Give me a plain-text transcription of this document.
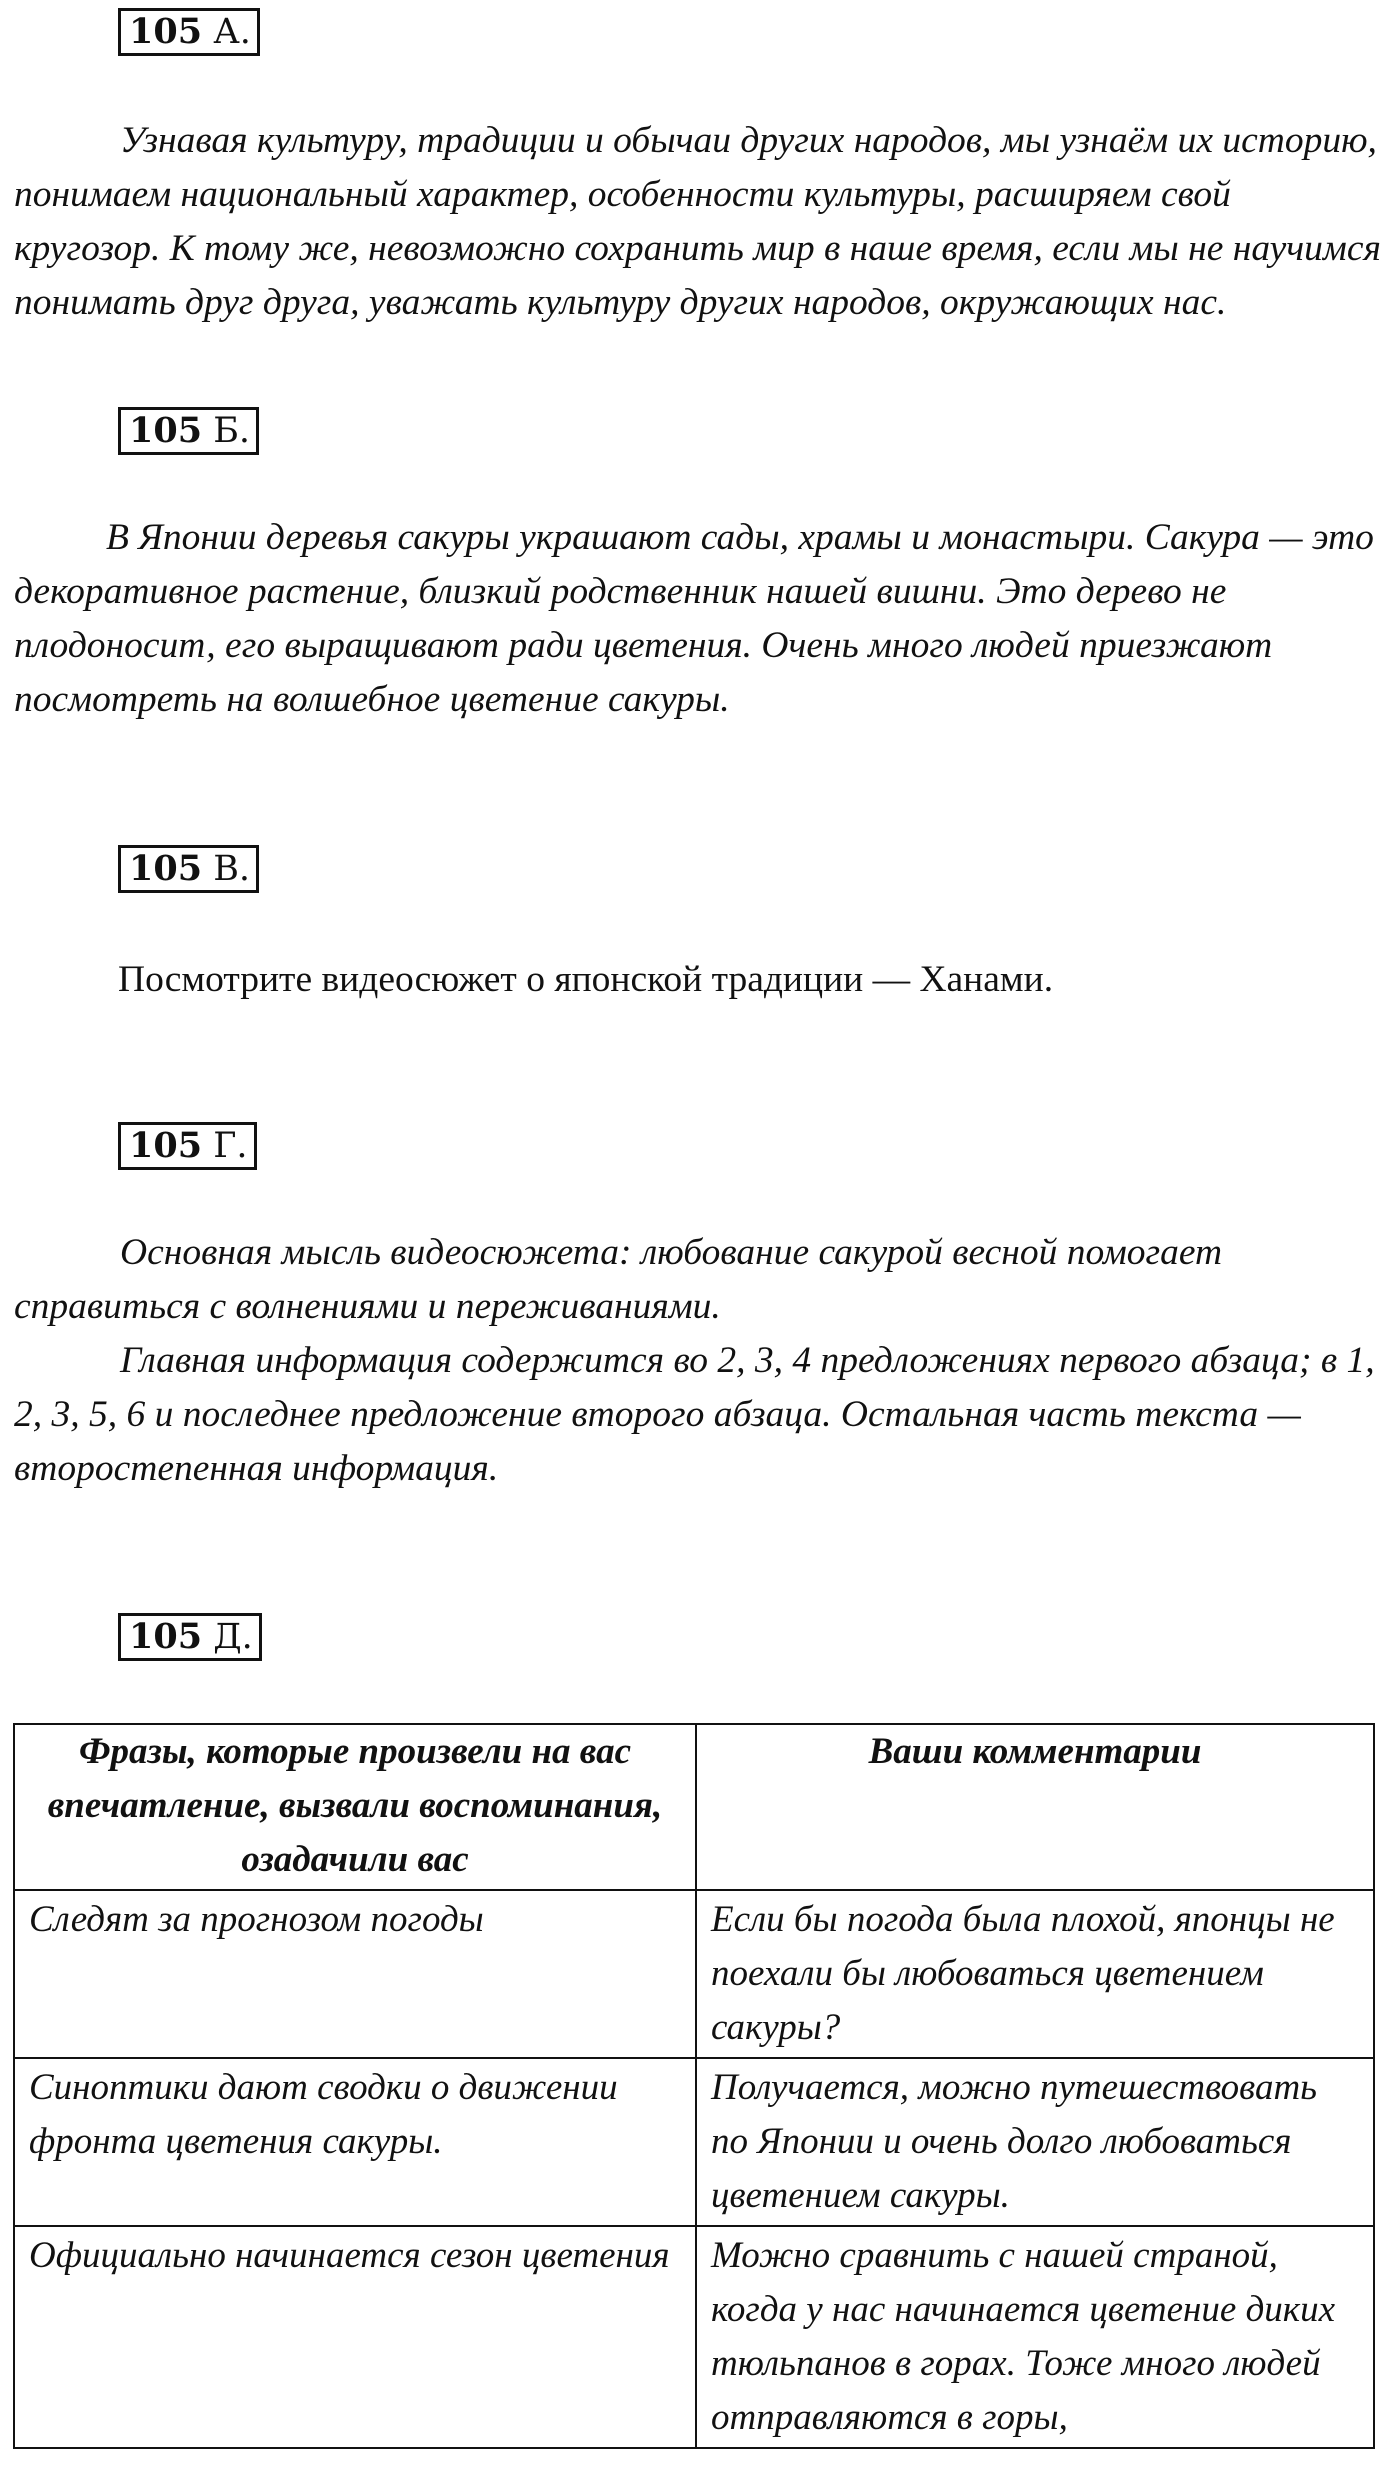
105 А.

Узнавая культуру, традиции и обычаи других народов, мы узнаём их историю, понимаем национальный характер, особенности культуры, расширяем свой кругозор. К тому же, невозможно сохранить мир в наше время, если мы не научимся понимать друг друга, уважать культуру других народов, окружающих нас.

105 Б.

В Японии деревья сакуры украшают сады, храмы и монастыри. Сакура — это декоративное растение, близкий родственник нашей вишни. Это дерево не плодоносит, его выращивают ради цветения. Очень много людей приезжают посмотреть на волшебное цветение сакуры.

105 В.
Посмотрите видеосюжет о японской традиции — Ханами.
105 Г.

Основная мысль видеосюжета: любование сакурой весной помогает справиться с волнениями и переживаниями.

Главная информация содержится во 2, 3, 4 предложениях первого абзаца; в 1, 2, 3, 5, 6 и последнее предложение второго абзаца. Остальная часть текста — второстепенная информация.

105 Д.
Фразы, которые произвели на вас впечатление, вызвали воспоминания, озадачили вас	Ваши комментарии
Следят за прогнозом погоды	Если бы погода была плохой, японцы не поехали бы любоваться цветением сакуры?
Синоптики дают сводки о движении фронта цветения сакуры.	Получается, можно путешествовать по Японии и очень долго любоваться цветением сакуры.
Официально начинается сезон цветения	Можно сравнить с нашей страной, когда у нас начинается цветение диких тюльпанов в горах. Тоже много людей отправляются в горы,
